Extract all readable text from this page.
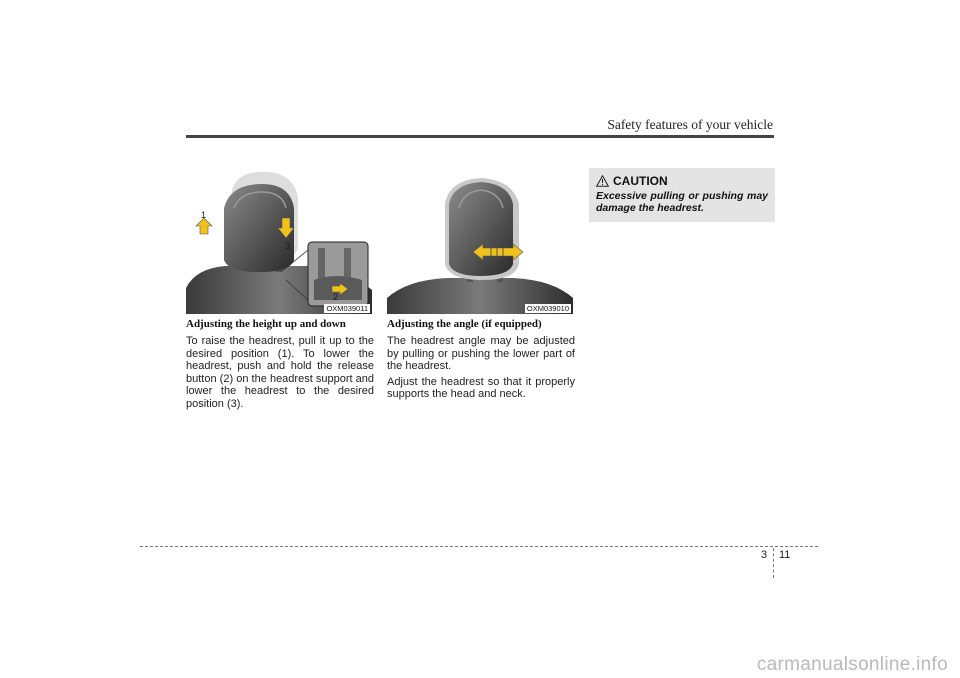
Safety features of your vehicle
1
2
3
OXM039011	OXM039010
Adjusting the height up and down

To raise the headrest, pull it up to the desired position (1). To lower the headrest, push and hold the release button (2) on the headrest support and lower the headrest to the desired position (3).

Adjusting the angle (if equipped)

The headrest angle may be adjusted by pulling or pushing the lower part of the headrest.

Adjust the headrest so that it properly supports the head and neck.

CAUTION
Excessive pulling or pushing may damage the headrest.
3 11
carmanualsonline.info
